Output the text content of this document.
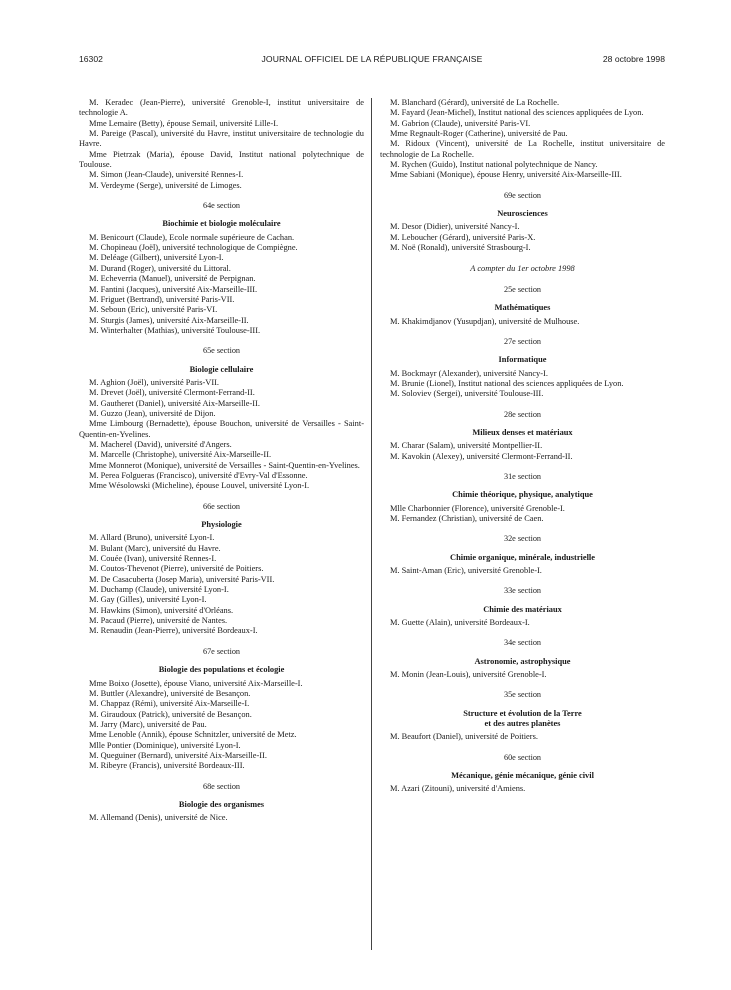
16302	JOURNAL OFFICIEL DE LA RÉPUBLIQUE FRANÇAISE	28 octobre 1998

M. Keradec (Jean-Pierre), université Grenoble-I, institut universitaire de technologie A.

Mme Lemaire (Betty), épouse Semail, université Lille-I.

M. Pareige (Pascal), université du Havre, institut universitaire de technologie du Havre.

Mme Pietrzak (Maria), épouse David, Institut national polytechnique de Toulouse.

M. Simon (Jean-Claude), université Rennes-I.

M. Verdeyme (Serge), université de Limoges.

64e section
Biochimie et biologie moléculaire

M. Benicourt (Claude), Ecole normale supérieure de Cachan.

M. Chopineau (Joël), université technologique de Compiègne.

M. Deléage (Gilbert), université Lyon-I.

M. Durand (Roger), université du Littoral.

M. Echeverria (Manuel), université de Perpignan.

M. Fantini (Jacques), université Aix-Marseille-III.

M. Friguet (Bertrand), université Paris-VII.

M. Seboun (Eric), université Paris-VI.

M. Sturgis (James), université Aix-Marseille-II.

M. Winterhalter (Mathias), université Toulouse-III.

65e section
Biologie cellulaire

M. Aghion (Joël), université Paris-VII.

M. Drevet (Joël), université Clermont-Ferrand-II.

M. Gautheret (Daniel), université Aix-Marseille-II.

M. Guzzo (Jean), université de Dijon.

Mme Limbourg (Bernadette), épouse Bouchon, université de Versailles - Saint-Quentin-en-Yvelines.

M. Macherel (David), université d'Angers.

M. Marcelle (Christophe), université Aix-Marseille-II.

Mme Monnerot (Monique), université de Versailles - Saint-Quentin-en-Yvelines.

M. Perea Folgueras (Francisco), université d'Evry-Val d'Essonne.

Mme Wésolowski (Micheline), épouse Louvel, université Lyon-I.

66e section
Physiologie

M. Allard (Bruno), université Lyon-I.

M. Bulant (Marc), université du Havre.

M. Couée (Ivan), université Rennes-I.

M. Coutos-Thevenot (Pierre), université de Poitiers.

M. De Casacuberta (Josep Maria), université Paris-VII.

M. Duchamp (Claude), université Lyon-I.

M. Gay (Gilles), université Lyon-I.

M. Hawkins (Simon), université d'Orléans.

M. Pacaud (Pierre), université de Nantes.

M. Renaudin (Jean-Pierre), université Bordeaux-I.

67e section
Biologie des populations et écologie

Mme Boixo (Josette), épouse Viano, université Aix-Marseille-I.

M. Buttler (Alexandre), université de Besançon.

M. Chappaz (Rémi), université Aix-Marseille-I.

M. Giraudoux (Patrick), université de Besançon.

M. Jarry (Marc), université de Pau.

Mme Lenoble (Annik), épouse Schnitzler, université de Metz.

Mlle Pontier (Dominique), université Lyon-I.

M. Queguiner (Bernard), université Aix-Marseille-II.

M. Ribeyre (Francis), université Bordeaux-III.

68e section
Biologie des organismes

M. Allemand (Denis), université de Nice.

M. Blanchard (Gérard), université de La Rochelle.

M. Fayard (Jean-Michel), Institut national des sciences appliquées de Lyon.

M. Gabrion (Claude), université Paris-VI.

Mme Regnault-Roger (Catherine), université de Pau.

M. Ridoux (Vincent), université de La Rochelle, institut universitaire de technologie de La Rochelle.

M. Rychen (Guido), Institut national polytechnique de Nancy.

Mme Sabiani (Monique), épouse Henry, université Aix-Marseille-III.

69e section
Neurosciences

M. Desor (Didier), université Nancy-I.

M. Leboucher (Gérard), université Paris-X.

M. Noë (Ronald), université Strasbourg-I.

A compter du 1er octobre 1998
25e section
Mathématiques

M. Khakimdjanov (Yusupdjan), université de Mulhouse.

27e section
Informatique

M. Bockmayr (Alexander), université Nancy-I.

M. Brunie (Lionel), Institut national des sciences appliquées de Lyon.

M. Soloviev (Sergei), université Toulouse-III.

28e section
Milieux denses et matériaux

M. Charar (Salam), université Montpellier-II.

M. Kavokin (Alexey), université Clermont-Ferrand-II.

31e section
Chimie théorique, physique, analytique

Mlle Charbonnier (Florence), université Grenoble-I.

M. Fernandez (Christian), université de Caen.

32e section
Chimie organique, minérale, industrielle

M. Saint-Aman (Eric), université Grenoble-I.

33e section
Chimie des matériaux

M. Guette (Alain), université Bordeaux-I.

34e section
Astronomie, astrophysique

M. Monin (Jean-Louis), université Grenoble-I.

35e section
Structure et évolution de la Terre
et des autres planètes

M. Beaufort (Daniel), université de Poitiers.

60e section
Mécanique, génie mécanique, génie civil

M. Azari (Zitouni), université d'Amiens.
